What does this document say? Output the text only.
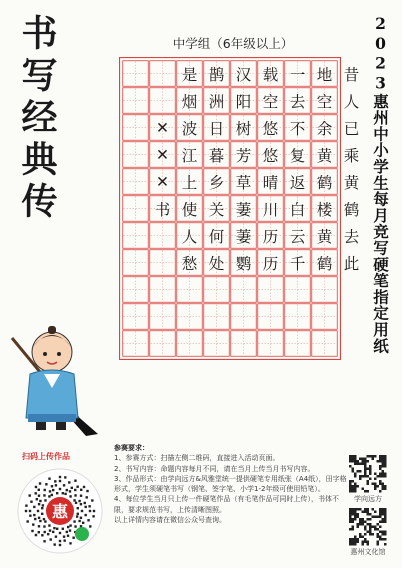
书写经典传	2023惠州中小学生每月竞写硬笔指定用纸
中学组（6年级以上）
✕
✕
✕
书
是
烟
波
江
上
使
人
愁
鹊
洲
日
暮
乡
关
何
处
汉
阳
树
芳
草
萋
萋
鹦
载
空
悠
悠
晴
川
历
历
一
去
不
复
返
白
云
千
地
空
余
黄
鹤
楼
黄
鹤
昔
人
已
乘
黄
鹤
去
此
扫码上传作品
惠
参赛要求：
1、参赛方式：扫描左侧二维码，直接进入活动页面。
2、书写内容：命题内容每月不同，请在当月上传当月书写内容。
3、作品形式：由学向远方&风雅堂统一提供硬笔专用纸张（A4纸），田字格形式，学生须硬笔书写（钢笔、签字笔、小学1-2年级可使用铅笔）。
4、每位学生当月只上传一件硬笔作品（有毛笔作品可同时上传），书体不限，要求规范书写，上传清晰图照。
以上详情内容请在微信公众号查询。
学向远方
惠州文化馆
